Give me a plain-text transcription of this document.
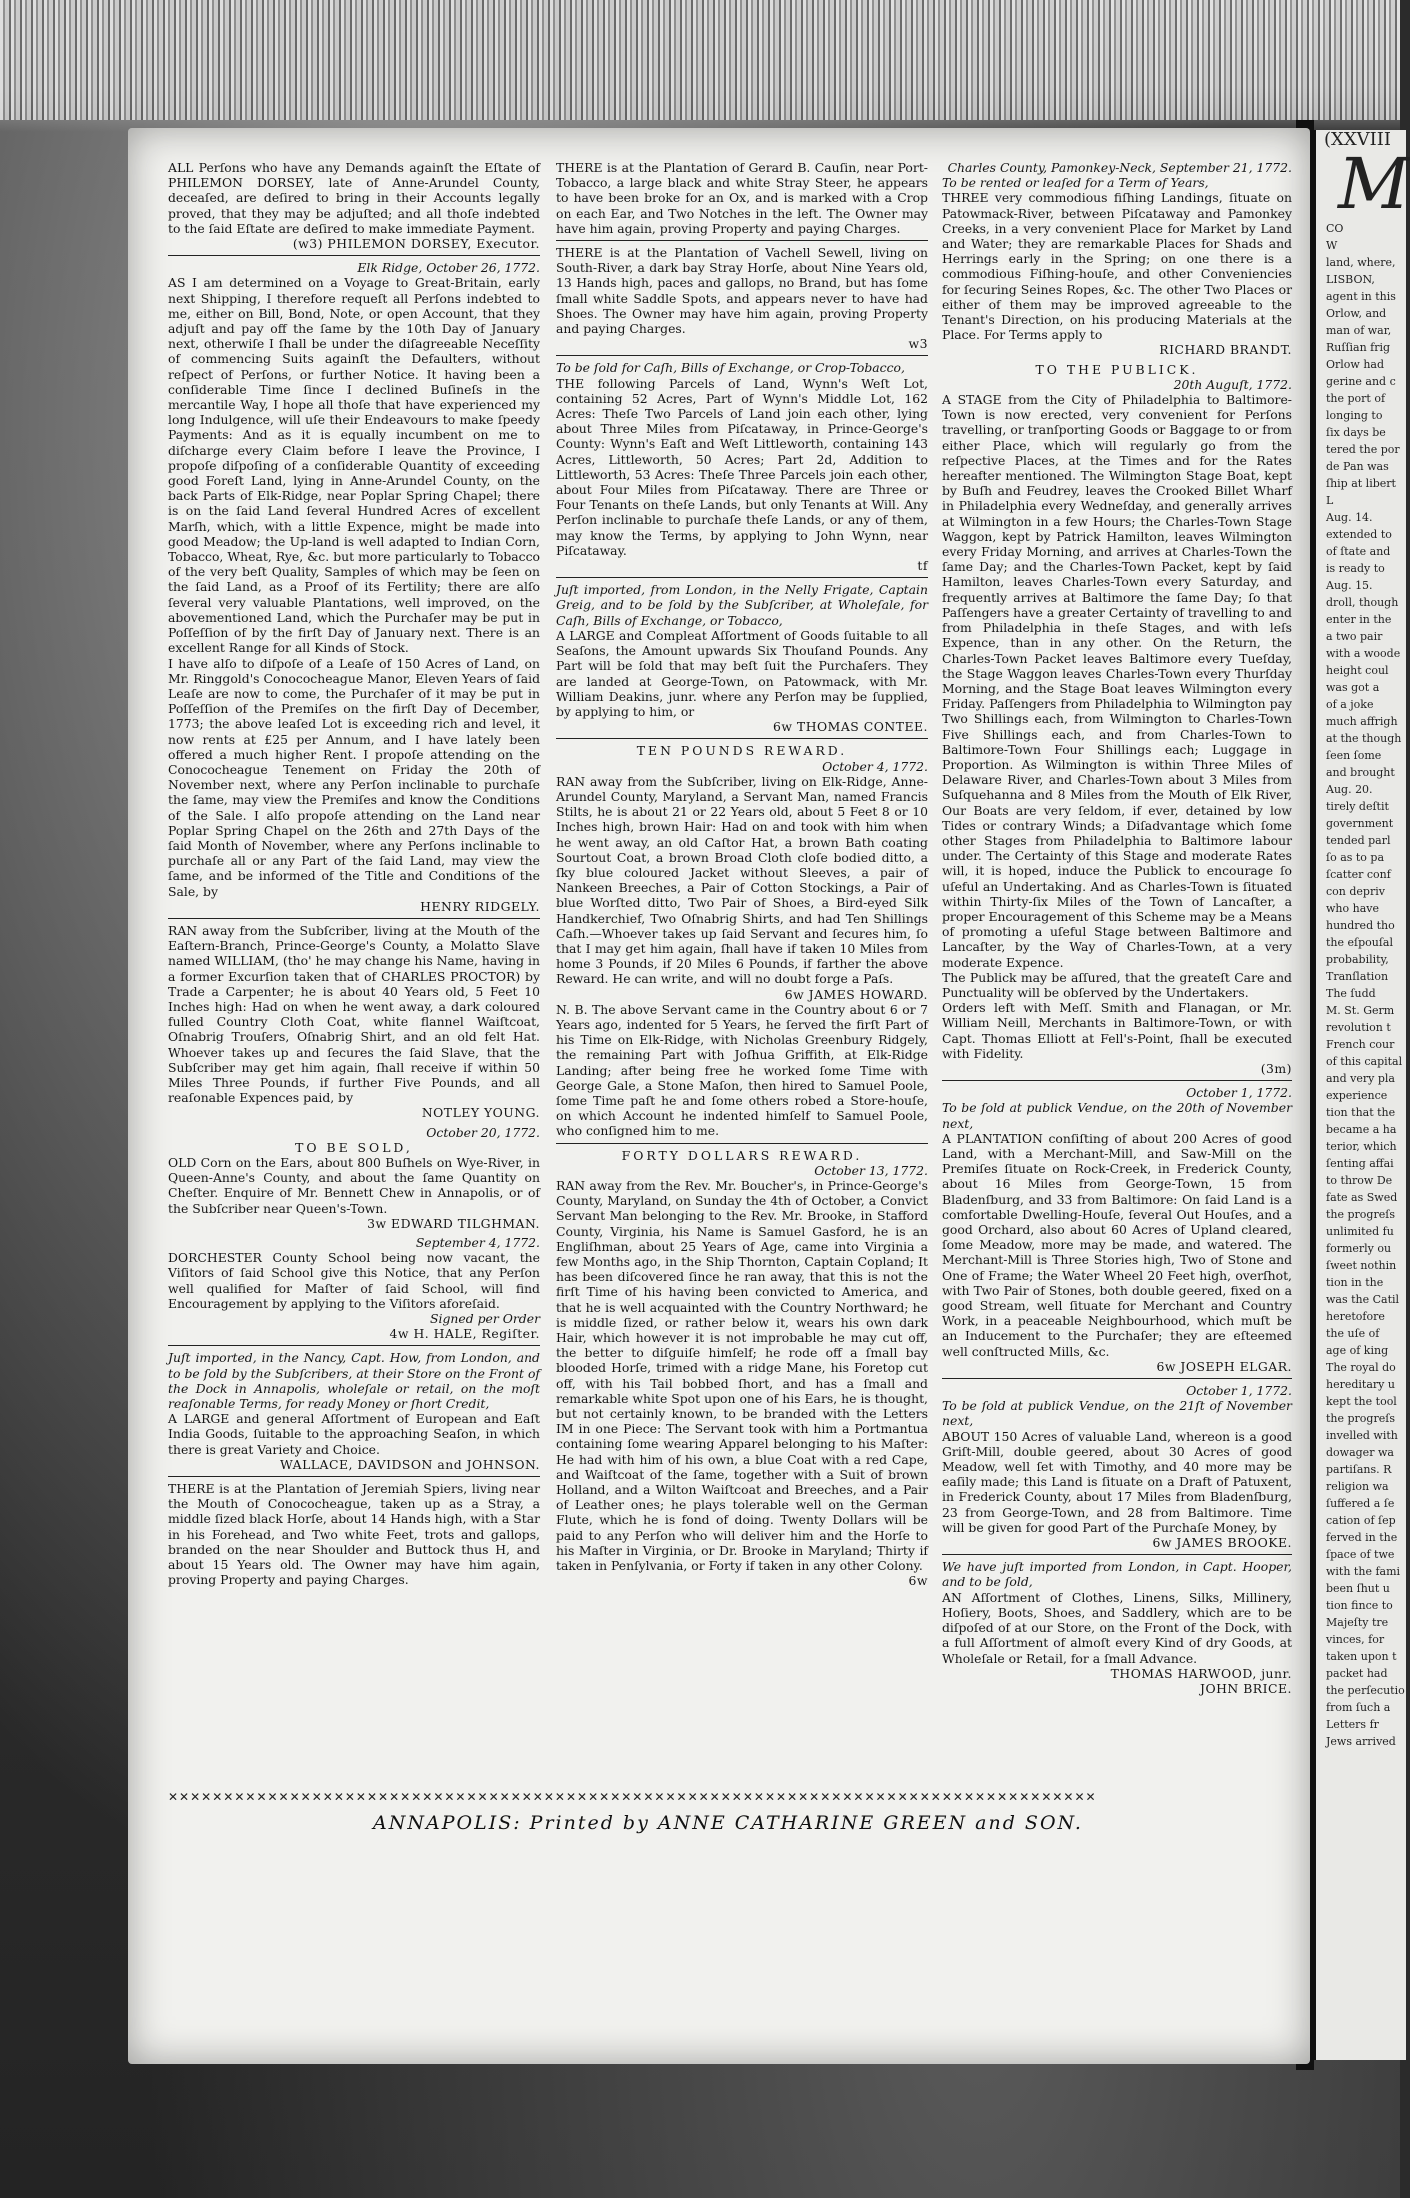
ALL Perſons who have any Demands againſt the Eſtate of PHILEMON DORSEY, late of Anne-Arundel County, deceaſed, are deſired to bring in their Accounts legally proved, that they may be adjuſted; and all thoſe indebted to the ſaid Eſtate are deſired to make immediate Payment.

(w3) PHILEMON DORSEY, Executor.

Elk Ridge, October 26, 1772.

AS I am determined on a Voyage to Great-Britain, early next Shipping, I therefore requeſt all Perſons indebted to me, either on Bill, Bond, Note, or open Account, that they adjuſt and pay off the ſame by the 10th Day of January next, otherwiſe I ſhall be under the diſagreeable Neceſſity of commencing Suits againſt the Defaulters, without reſpect of Perſons, or further Notice. It having been a conſiderable Time ſince I declined Buſineſs in the mercantile Way, I hope all thoſe that have experienced my long Indulgence, will uſe their Endeavours to make ſpeedy Payments: And as it is equally incumbent on me to diſcharge every Claim before I leave the Province, I propoſe diſpoſing of a conſiderable Quantity of exceeding good Foreſt Land, lying in Anne-Arundel County, on the back Parts of Elk-Ridge, near Poplar Spring Chapel; there is on the ſaid Land ſeveral Hundred Acres of excellent Marſh, which, with a little Expence, might be made into good Meadow; the Up-land is well adapted to Indian Corn, Tobacco, Wheat, Rye, &c. but more particularly to Tobacco of the very beſt Quality, Samples of which may be ſeen on the ſaid Land, as a Proof of its Fertility; there are alſo ſeveral very valuable Plantations, well improved, on the abovementioned Land, which the Purchaſer may be put in Poſſeſſion of by the firſt Day of January next. There is an excellent Range for all Kinds of Stock.

I have alſo to diſpoſe of a Leaſe of 150 Acres of Land, on Mr. Ringgold's Conococheague Manor, Eleven Years of ſaid Leaſe are now to come, the Purchaſer of it may be put in Poſſeſſion of the Premiſes on the firſt Day of December, 1773; the above leaſed Lot is exceeding rich and level, it now rents at £25 per Annum, and I have lately been offered a much higher Rent. I propoſe attending on the Conococheague Tenement on Friday the 20th of November next, where any Perſon inclinable to purchaſe the ſame, may view the Premiſes and know the Conditions of the Sale. I alſo propoſe attending on the Land near Poplar Spring Chapel on the 26th and 27th Days of the ſaid Month of November, where any Perſons inclinable to purchaſe all or any Part of the ſaid Land, may view the ſame, and be informed of the Title and Conditions of the Sale, by

HENRY RIDGELY.

RAN away from the Subſcriber, living at the Mouth of the Eaſtern-Branch, Prince-George's County, a Molatto Slave named WILLIAM, (tho' he may change his Name, having in a former Excurſion taken that of CHARLES PROCTOR) by Trade a Carpenter; he is about 40 Years old, 5 Feet 10 Inches high: Had on when he went away, a dark coloured fulled Country Cloth Coat, white flannel Waiſtcoat, Oſnabrig Trouſers, Oſnabrig Shirt, and an old felt Hat. Whoever takes up and ſecures the ſaid Slave, that the Subſcriber may get him again, ſhall receive if within 50 Miles Three Pounds, if further Five Pounds, and all reaſonable Expences paid, by

NOTLEY YOUNG.

October 20, 1772.

TO BE SOLD,

OLD Corn on the Ears, about 800 Buſhels on Wye-River, in Queen-Anne's County, and about the ſame Quantity on Cheſter. Enquire of Mr. Bennett Chew in Annapolis, or of the Subſcriber near Queen's-Town.

3w EDWARD TILGHMAN.

September 4, 1772.

DORCHESTER County School being now vacant, the Viſitors of ſaid School give this Notice, that any Perſon well qualified for Maſter of ſaid School, will find Encouragement by applying to the Viſitors aforeſaid.

Signed per Order

4w H. HALE, Regiſter.

Juſt imported, in the Nancy, Capt. How, from London, and to be ſold by the Subſcribers, at their Store on the Front of the Dock in Annapolis, wholeſale or retail, on the moſt reaſonable Terms, for ready Money or ſhort Credit,

A LARGE and general Aſſortment of European and Eaſt India Goods, ſuitable to the approaching Seaſon, in which there is great Variety and Choice.

WALLACE, DAVIDSON and JOHNSON.

THERE is at the Plantation of Jeremiah Spiers, living near the Mouth of Conococheague, taken up as a Stray, a middle ſized black Horſe, about 14 Hands high, with a Star in his Forehead, and Two white Feet, trots and gallops, branded on the near Shoulder and Buttock thus H, and about 15 Years old. The Owner may have him again, proving Property and paying Charges.

THERE is at the Plantation of Gerard B. Cauſin, near Port-Tobacco, a large black and white Stray Steer, he appears to have been broke for an Ox, and is marked with a Crop on each Ear, and Two Notches in the left. The Owner may have him again, proving Property and paying Charges.

THERE is at the Plantation of Vachell Sewell, living on South-River, a dark bay Stray Horſe, about Nine Years old, 13 Hands high, paces and gallops, no Brand, but has ſome ſmall white Saddle Spots, and appears never to have had Shoes. The Owner may have him again, proving Property and paying Charges.

w3

To be ſold for Caſh, Bills of Exchange, or Crop-Tobacco,

THE following Parcels of Land, Wynn's Weſt Lot, containing 52 Acres, Part of Wynn's Middle Lot, 162 Acres: Theſe Two Parcels of Land join each other, lying about Three Miles from Piſcataway, in Prince-George's County: Wynn's Eaſt and Weſt Littleworth, containing 143 Acres, Littleworth, 50 Acres; Part 2d, Addition to Littleworth, 53 Acres: Theſe Three Parcels join each other, about Four Miles from Piſcataway. There are Three or Four Tenants on theſe Lands, but only Tenants at Will. Any Perſon inclinable to purchaſe theſe Lands, or any of them, may know the Terms, by applying to John Wynn, near Piſcataway.

tf

Juſt imported, from London, in the Nelly Frigate, Captain Greig, and to be ſold by the Subſcriber, at Wholeſale, for Caſh, Bills of Exchange, or Tobacco,

A LARGE and Compleat Aſſortment of Goods ſuitable to all Seaſons, the Amount upwards Six Thouſand Pounds. Any Part will be ſold that may beſt ſuit the Purchaſers. They are landed at George-Town, on Patowmack, with Mr. William Deakins, junr. where any Perſon may be ſupplied, by applying to him, or

6w THOMAS CONTEE.

TEN POUNDS REWARD.

October 4, 1772.

RAN away from the Subſcriber, living on Elk-Ridge, Anne-Arundel County, Maryland, a Servant Man, named Francis Stilts, he is about 21 or 22 Years old, about 5 Feet 8 or 10 Inches high, brown Hair: Had on and took with him when he went away, an old Caſtor Hat, a brown Bath coating Sourtout Coat, a brown Broad Cloth cloſe bodied ditto, a ſky blue coloured Jacket without Sleeves, a pair of Nankeen Breeches, a Pair of Cotton Stockings, a Pair of blue Worſted ditto, Two Pair of Shoes, a Bird-eyed Silk Handkerchief, Two Oſnabrig Shirts, and had Ten Shillings Caſh.—Whoever takes up ſaid Servant and ſecures him, ſo that I may get him again, ſhall have if taken 10 Miles from home 3 Pounds, if 20 Miles 6 Pounds, if farther the above Reward. He can write, and will no doubt forge a Paſs.

6w JAMES HOWARD.

N. B. The above Servant came in the Country about 6 or 7 Years ago, indented for 5 Years, he ſerved the firſt Part of his Time on Elk-Ridge, with Nicholas Greenbury Ridgely, the remaining Part with Joſhua Griffith, at Elk-Ridge Landing; after being free he worked ſome Time with George Gale, a Stone Maſon, then hired to Samuel Poole, ſome Time paſt he and ſome others robed a Store-houſe, on which Account he indented himſelf to Samuel Poole, who conſigned him to me.

FORTY DOLLARS REWARD.

October 13, 1772.

RAN away from the Rev. Mr. Boucher's, in Prince-George's County, Maryland, on Sunday the 4th of October, a Convict Servant Man belonging to the Rev. Mr. Brooke, in Stafford County, Virginia, his Name is Samuel Gasford, he is an Engliſhman, about 25 Years of Age, came into Virginia a few Months ago, in the Ship Thornton, Captain Copland; It has been diſcovered ſince he ran away, that this is not the firſt Time of his having been convicted to America, and that he is well acquainted with the Country Northward; he is middle ſized, or rather below it, wears his own dark Hair, which however it is not improbable he may cut off, the better to diſguiſe himſelf; he rode off a ſmall bay blooded Horſe, trimed with a ridge Mane, his Foretop cut off, with his Tail bobbed ſhort, and has a ſmall and remarkable white Spot upon one of his Ears, he is thought, but not certainly known, to be branded with the Letters IM in one Piece: The Servant took with him a Portmantua containing ſome wearing Apparel belonging to his Maſter: He had with him of his own, a blue Coat with a red Cape, and Waiſtcoat of the ſame, together with a Suit of brown Holland, and a Wilton Waiſtcoat and Breeches, and a Pair of Leather ones; he plays tolerable well on the German Flute, which he is fond of doing. Twenty Dollars will be paid to any Perſon who will deliver him and the Horſe to his Maſter in Virginia, or Dr. Brooke in Maryland; Thirty if taken in Penſylvania, or Forty if taken in any other Colony.

6w

Charles County, Pamonkey-Neck, September 21, 1772.

To be rented or leaſed for a Term of Years,

THREE very commodious fiſhing Landings, ſituate on Patowmack-River, between Piſcataway and Pamonkey Creeks, in a very convenient Place for Market by Land and Water; they are remarkable Places for Shads and Herrings early in the Spring; on one there is a commodious Fiſhing-houſe, and other Conveniencies for ſecuring Seines Ropes, &c. The other Two Places or either of them may be improved agreeable to the Tenant's Direction, on his producing Materials at the Place. For Terms apply to

RICHARD BRANDT.

TO THE PUBLICK.

20th Auguſt, 1772.

A STAGE from the City of Philadelphia to Baltimore-Town is now erected, very convenient for Perſons travelling, or tranſporting Goods or Baggage to or from either Place, which will regularly go from the reſpective Places, at the Times and for the Rates hereafter mentioned. The Wilmington Stage Boat, kept by Buſh and Feudrey, leaves the Crooked Billet Wharf in Philadelphia every Wedneſday, and generally arrives at Wilmington in a few Hours; the Charles-Town Stage Waggon, kept by Patrick Hamilton, leaves Wilmington every Friday Morning, and arrives at Charles-Town the ſame Day; and the Charles-Town Packet, kept by ſaid Hamilton, leaves Charles-Town every Saturday, and frequently arrives at Baltimore the ſame Day; ſo that Paſſengers have a greater Certainty of travelling to and from Philadelphia in theſe Stages, and with leſs Expence, than in any other. On the Return, the Charles-Town Packet leaves Baltimore every Tueſday, the Stage Waggon leaves Charles-Town every Thurſday Morning, and the Stage Boat leaves Wilmington every Friday. Paſſengers from Philadelphia to Wilmington pay Two Shillings each, from Wilmington to Charles-Town Five Shillings each, and from Charles-Town to Baltimore-Town Four Shillings each; Luggage in Proportion. As Wilmington is within Three Miles of Delaware River, and Charles-Town about 3 Miles from Suſquehanna and 8 Miles from the Mouth of Elk River, Our Boats are very ſeldom, if ever, detained by low Tides or contrary Winds; a Diſadvantage which ſome other Stages from Philadelphia to Baltimore labour under. The Certainty of this Stage and moderate Rates will, it is hoped, induce the Publick to encourage ſo uſeful an Undertaking. And as Charles-Town is ſituated within Thirty-ſix Miles of the Town of Lancaſter, a proper Encouragement of this Scheme may be a Means of promoting a uſeful Stage between Baltimore and Lancaſter, by the Way of Charles-Town, at a very moderate Expence.

The Publick may be aſſured, that the greateſt Care and Punctuality will be obſerved by the Undertakers.

Orders left with Meſſ. Smith and Flanagan, or Mr. William Neill, Merchants in Baltimore-Town, or with Capt. Thomas Elliott at Fell's-Point, ſhall be executed with Fidelity.

(3m)

October 1, 1772.

To be ſold at publick Vendue, on the 20th of November next,

A PLANTATION conſiſting of about 200 Acres of good Land, with a Merchant-Mill, and Saw-Mill on the Premiſes ſituate on Rock-Creek, in Frederick County, about 16 Miles from George-Town, 15 from Bladenſburg, and 33 from Baltimore: On ſaid Land is a comfortable Dwelling-Houſe, ſeveral Out Houſes, and a good Orchard, also about 60 Acres of Upland cleared, ſome Meadow, more may be made, and watered. The Merchant-Mill is Three Stories high, Two of Stone and One of Frame; the Water Wheel 20 Feet high, overſhot, with Two Pair of Stones, both double geered, fixed on a good Stream, well ſituate for Merchant and Country Work, in a peaceable Neighbourhood, which muſt be an Inducement to the Purchaſer; they are eſteemed well conſtructed Mills, &c.

6w JOSEPH ELGAR.

October 1, 1772.

To be ſold at publick Vendue, on the 21ſt of November next,

ABOUT 150 Acres of valuable Land, whereon is a good Griſt-Mill, double geered, about 30 Acres of good Meadow, well ſet with Timothy, and 40 more may be eaſily made; this Land is ſituate on a Draft of Patuxent, in Frederick County, about 17 Miles from Bladenſburg, 23 from George-Town, and 28 from Baltimore. Time will be given for good Part of the Purchaſe Money, by

6w JAMES BROOKE.

We have juſt imported from London, in Capt. Hooper, and to be ſold,

AN Aſſortment of Clothes, Linens, Silks, Millinery, Hoſiery, Boots, Shoes, and Saddlery, which are to be diſpoſed of at our Store, on the Front of the Dock, with a full Aſſortment of almoſt every Kind of dry Goods, at Wholeſale or Retail, for a ſmall Advance.

THOMAS HARWOOD, junr.

JOHN BRICE.

✕✕✕✕✕✕✕✕✕✕✕✕✕✕✕✕✕✕✕✕✕✕✕✕✕✕✕✕✕✕✕✕✕✕✕✕✕✕✕✕✕✕✕✕✕✕✕✕✕✕✕✕✕✕✕✕✕✕✕✕✕✕✕✕✕✕✕✕✕✕✕✕✕✕✕✕✕✕✕✕✕✕✕✕
ANNAPOLIS: Printed by ANNE CATHARINE GREEN and SON.
(XXVIII
M
CO
W
land, where,
LISBON,
agent in this
Orlow, and
man of war,
Ruſſian frig
Orlow had
gerine and c
the port of
longing to
ſix days be
tered the por
de Pan was
ſhip at libert
L
Aug. 14.
extended to
of ſtate and
is ready to
Aug. 15.
droll, though
enter in the
a two pair
with a woode
height coul
was got a
of a joke
much affrigh
at the though
ſeen ſome
and brought
Aug. 20.
tirely deſtit
government
tended parl
ſo as to pa
ſcatter conf
con depriv
who have
hundred tho
the eſpouſal
probability,
Tranſlation
The ſudd
M. St. Germ
revolution t
French cour
of this capital
and very pla
experience
tion that the
became a ha
terior, which
ſenting affai
to throw De
fate as Swed
the progreſs
unlimited fu
formerly ou
ſweet nothin
tion in the
was the Catil
heretofore
the uſe of
age of king
The royal do
hereditary u
kept the tool
the progreſs
invelled with
dowager wa
partiſans. R
religion wa
ſuffered a ſe
cation of ſep
ferved in the
ſpace of twe
with the fami
been ſhut u
tion fince to
Majeſty tre
vinces, for
taken upon t
packet had
the perſecutio
from ſuch a
Letters fr
Jews arrived
